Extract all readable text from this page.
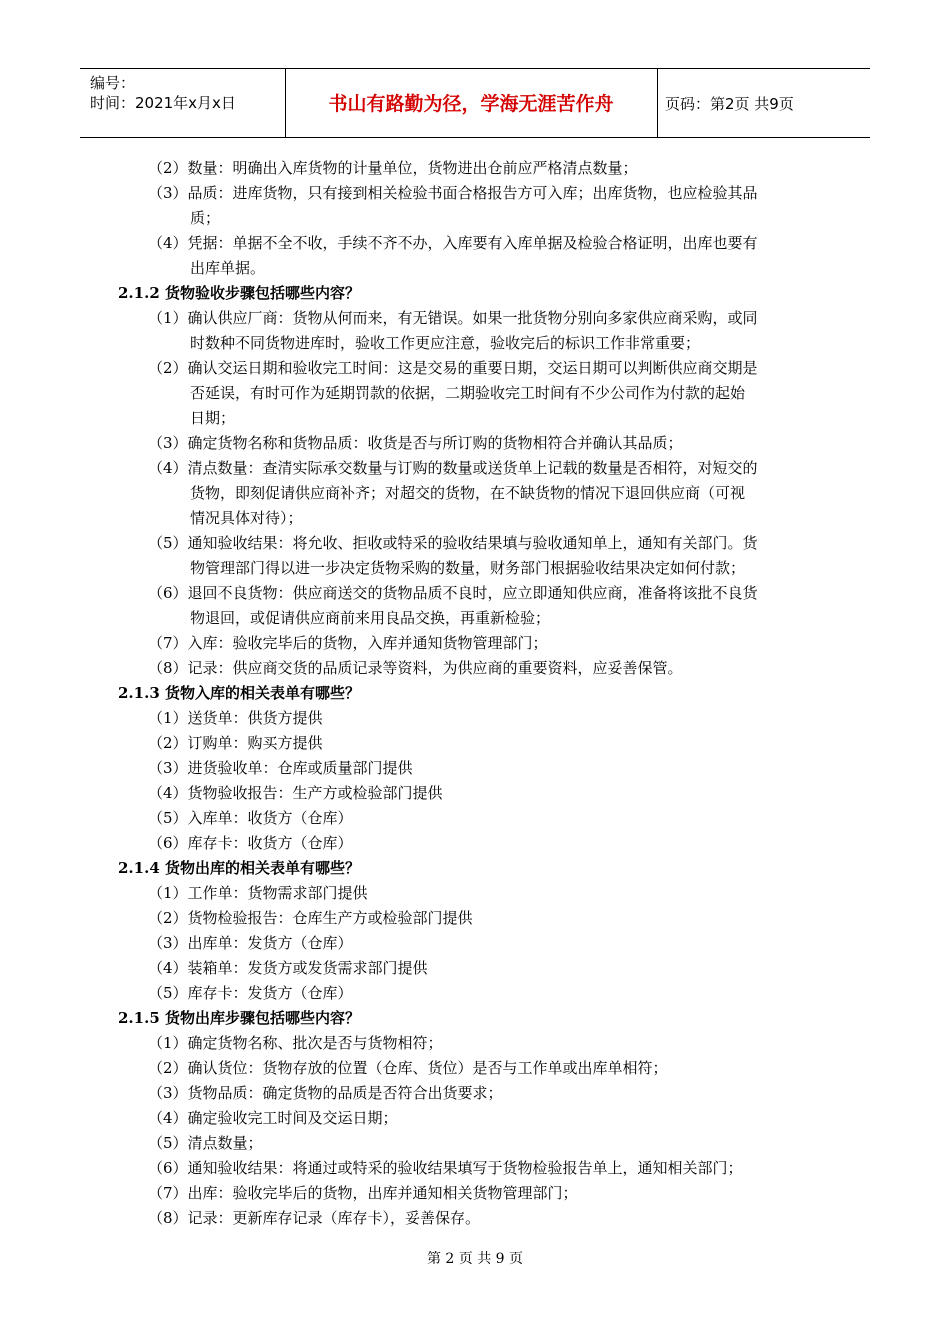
编号：
时间：2021年x月x日	书山有路勤为径，学海无涯苦作舟	页码：第2页 共9页
（2）数量：明确出入库货物的计量单位，货物进出仓前应严格清点数量；
（3）品质：进库货物，只有接到相关检验书面合格报告方可入库；出库货物，也应检验其品
质；
（4）凭据：单据不全不收，手续不齐不办，入库要有入库单据及检验合格证明，出库也要有
出库单据。
2.1.2 货物验收步骤包括哪些内容？
（1）确认供应厂商：货物从何而来，有无错误。如果一批货物分别向多家供应商采购，或同
时数种不同货物进库时，验收工作更应注意，验收完后的标识工作非常重要；
（2）确认交运日期和验收完工时间：这是交易的重要日期，交运日期可以判断供应商交期是
否延误，有时可作为延期罚款的依据，二期验收完工时间有不少公司作为付款的起始
日期；
（3）确定货物名称和货物品质：收货是否与所订购的货物相符合并确认其品质；
（4）清点数量：查清实际承交数量与订购的数量或送货单上记载的数量是否相符，对短交的
货物，即刻促请供应商补齐；对超交的货物，在不缺货物的情况下退回供应商（可视
情况具体对待）；
（5）通知验收结果：将允收、拒收或特采的验收结果填与验收通知单上，通知有关部门。货
物管理部门得以进一步决定货物采购的数量，财务部门根据验收结果决定如何付款；
（6）退回不良货物：供应商送交的货物品质不良时，应立即通知供应商，准备将该批不良货
物退回，或促请供应商前来用良品交换，再重新检验；
（7）入库：验收完毕后的货物，入库并通知货物管理部门；
（8）记录：供应商交货的品质记录等资料，为供应商的重要资料，应妥善保管。
2.1.3 货物入库的相关表单有哪些？
（1）送货单：供货方提供
（2）订购单：购买方提供
（3）进货验收单：仓库或质量部门提供
（4）货物验收报告：生产方或检验部门提供
（5）入库单：收货方（仓库）
（6）库存卡：收货方（仓库）
2.1.4 货物出库的相关表单有哪些？
（1）工作单：货物需求部门提供
（2）货物检验报告：仓库生产方或检验部门提供
（3）出库单：发货方（仓库）
（4）装箱单：发货方或发货需求部门提供
（5）库存卡：发货方（仓库）
2.1.5 货物出库步骤包括哪些内容？
（1）确定货物名称、批次是否与货物相符；
（2）确认货位：货物存放的位置（仓库、货位）是否与工作单或出库单相符；
（3）货物品质：确定货物的品质是否符合出货要求；
（4）确定验收完工时间及交运日期；
（5）清点数量；
（6）通知验收结果：将通过或特采的验收结果填写于货物检验报告单上，通知相关部门；
（7）出库：验收完毕后的货物，出库并通知相关货物管理部门；
（8）记录：更新库存记录（库存卡），妥善保存。
第 2 页 共 9 页
